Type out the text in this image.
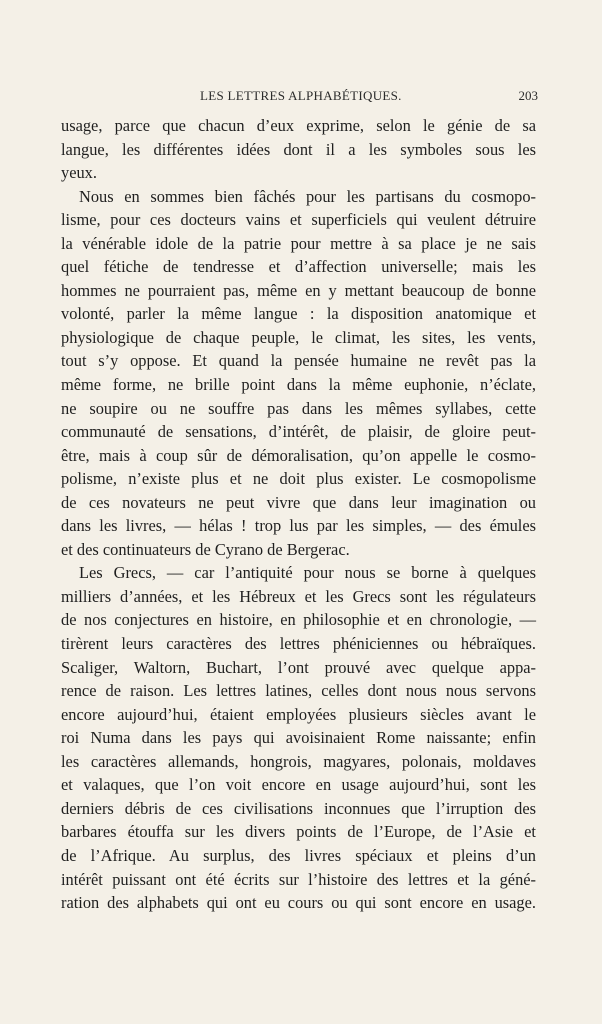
LES LETTRES ALPHABÉTIQUES.	203
usage, parce que chacun d’eux exprime, selon le génie de sa
langue, les différentes idées dont il a les symboles sous les
yeux.
Nous en sommes bien fâchés pour les partisans du cosmopo-
lisme, pour ces docteurs vains et superficiels qui veulent détruire
la vénérable idole de la patrie pour mettre à sa place je ne sais
quel fétiche de tendresse et d’affection universelle; mais les
hommes ne pourraient pas, même en y mettant beaucoup de bonne
volonté, parler la même langue : la disposition anatomique et
physiologique de chaque peuple, le climat, les sites, les vents,
tout s’y oppose. Et quand la pensée humaine ne revêt pas la
même forme, ne brille point dans la même euphonie, n’éclate,
ne soupire ou ne souffre pas dans les mêmes syllabes, cette
communauté de sensations, d’intérêt, de plaisir, de gloire peut-
être, mais à coup sûr de démoralisation, qu’on appelle le cosmo-
polisme, n’existe plus et ne doit plus exister. Le cosmopolisme
de ces novateurs ne peut vivre que dans leur imagination ou
dans les livres, — hélas ! trop lus par les simples, — des émules
et des continuateurs de Cyrano de Bergerac.
Les Grecs, — car l’antiquité pour nous se borne à quelques
milliers d’années, et les Hébreux et les Grecs sont les régulateurs
de nos conjectures en histoire, en philosophie et en chronologie, —
tirèrent leurs caractères des lettres phéniciennes ou hébraïques.
Scaliger, Waltorn, Buchart, l’ont prouvé avec quelque appa-
rence de raison. Les lettres latines, celles dont nous nous servons
encore aujourd’hui, étaient employées plusieurs siècles avant le
roi Numa dans les pays qui avoisinaient Rome naissante; enfin
les caractères allemands, hongrois, magyares, polonais, moldaves
et valaques, que l’on voit encore en usage aujourd’hui, sont les
derniers débris de ces civilisations inconnues que l’irruption des
barbares étouffa sur les divers points de l’Europe, de l’Asie et
de l’Afrique. Au surplus, des livres spéciaux et pleins d’un
intérêt puissant ont été écrits sur l’histoire des lettres et la géné-
ration des alphabets qui ont eu cours ou qui sont encore en usage.
